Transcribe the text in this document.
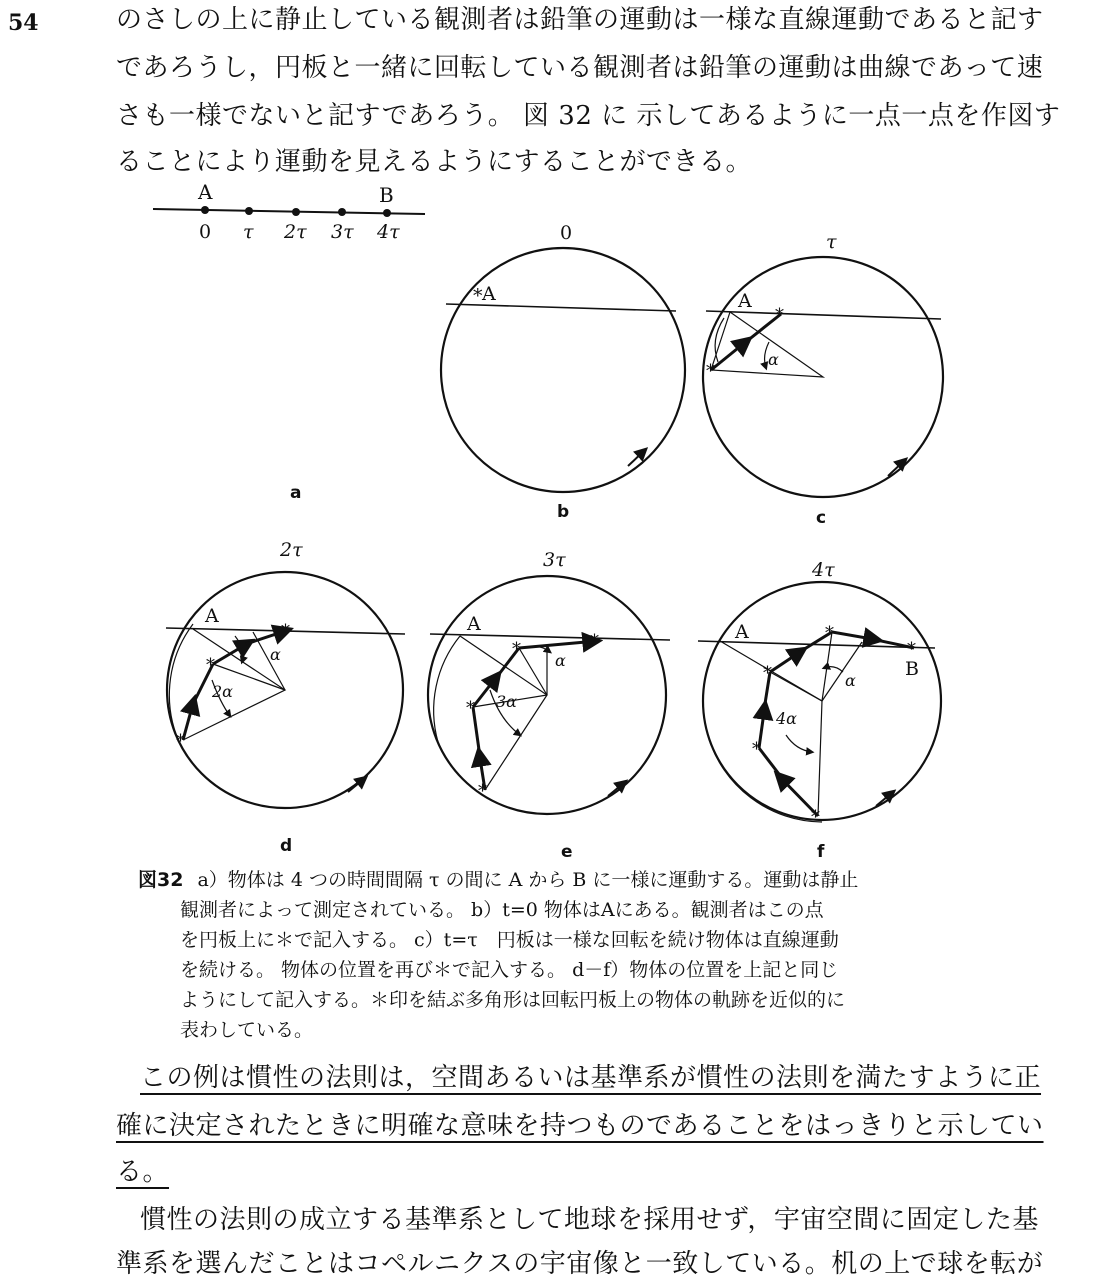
54	のさしの上に静止している観測者は鉛筆の運動は一様な直線運動であると記す
であろうし，円板と一緒に回転している観測者は鉛筆の運動は曲線であって速
さも一様でないと記すであろう。 図 32 に 示してあるように一点一点を作図す
ることにより運動を見えるようにすることができる。
A	B
0 τ 2τ 3τ 4τ
a
0
* A
b
τ
*
*
A
α
c
2τ
*
*
*
A
α
2α
d
3τ
*
*
*	*
A
α
3α
e
4τ
*
*
*
*
*
A
α
4α
B
f
図32 a）物体は 4 つの時間間隔 τ の間に A から B に一様に運動する。運動は静止
観測者によって測定されている。 b）t=0 物体はAにある。観測者はこの点
を円板上に＊で記入する。 c）t=τ　円板は一様な回転を続け物体は直線運動
を続ける。 物体の位置を再び＊で記入する。 d－f）物体の位置を上記と同じ
ようにして記入する。＊印を結ぶ多角形は回転円板上の物体の軌跡を近似的に
表わしている。
この例は慣性の法則は，空間あるいは基準系が慣性の法則を満たすように正
確に決定されたときに明確な意味を持つものであることをはっきりと示してい
る。
慣性の法則の成立する基準系として地球を採用せず，宇宙空間に固定した基
準系を選んだことはコペルニクスの宇宙像と一致している。机の上で球を転が
